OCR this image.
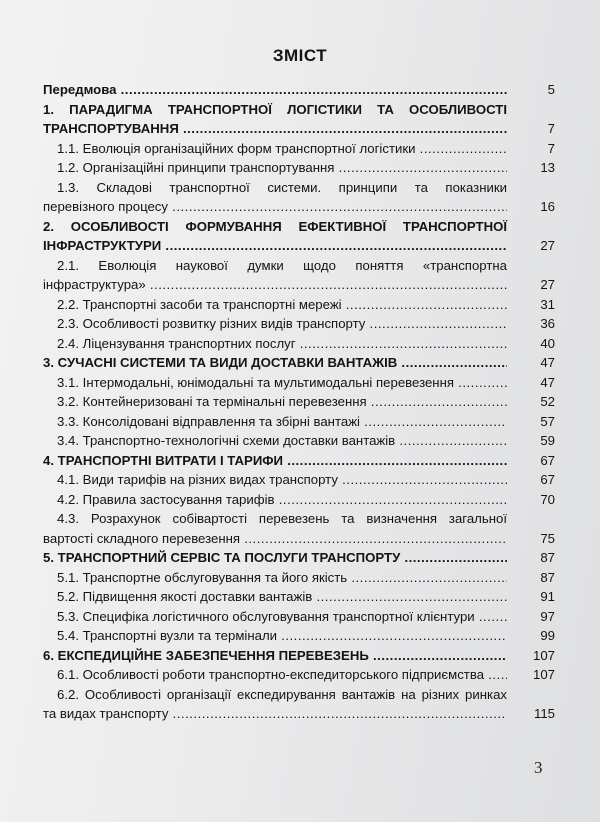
ЗМІСТ
Передмова .....	5
1. ПАРАДИГМА ТРАНСПОРТНОЇ ЛОГІСТИКИ ТА ОСОБЛИВОСТІ
ТРАНСПОРТУВАННЯ .....	7
1.1. Еволюція організаційних форм транспортної логістики .....	7
1.2. Організаційні принципи транспортування .....	13
1.3. Складові транспортної системи. принципи та показники
перевізного процесу .....	16
2. ОСОБЛИВОСТІ ФОРМУВАННЯ ЕФЕКТИВНОЇ ТРАНСПОРТНОЇ
ІНФРАСТРУКТУРИ .....	27
2.1. Еволюція наукової думки щодо поняття «транспортна
інфраструктура» .....	27
2.2. Транспортні засоби та транспортні мережі .....	31
2.3. Особливості розвитку різних видів транспорту .....	36
2.4. Ліцензування транспортних послуг .....	40
3. СУЧАСНІ СИСТЕМИ ТА ВИДИ ДОСТАВКИ ВАНТАЖІВ .....	47
3.1. Інтермодальні, юнімодальні та мультимодальні перевезення .....	47
3.2. Контейнеризовані та термінальні перевезення .....	52
3.3. Консолідовані відправлення та збірні вантажі .....	57
3.4. Транспортно-технологічні схеми доставки вантажів .....	59
4. ТРАНСПОРТНІ ВИТРАТИ І ТАРИФИ .....	67
4.1. Види тарифів на різних видах транспорту .....	67
4.2. Правила застосування тарифів .....	70
4.3. Розрахунок собівартості перевезень та визначення загальної
вартості складного перевезення .....	75
5. ТРАНСПОРТНИЙ СЕРВІС ТА ПОСЛУГИ ТРАНСПОРТУ .....	87
5.1. Транспортне обслуговування та його якість .....	87
5.2. Підвищення якості доставки вантажів .....	91
5.3. Специфіка логістичного обслуговування транспортної клієнтури .....	97
5.4. Транспортні вузли та термінали .....	99
6. ЕКСПЕДИЦІЙНЕ ЗАБЕЗПЕЧЕННЯ ПЕРЕВЕЗЕНЬ .....	107
6.1. Особливості роботи транспортно-експедиторського підприємства .....	107
6.2. Особливості організації експедирування вантажів на різних ринках
та видах транспорту .....	115
3
